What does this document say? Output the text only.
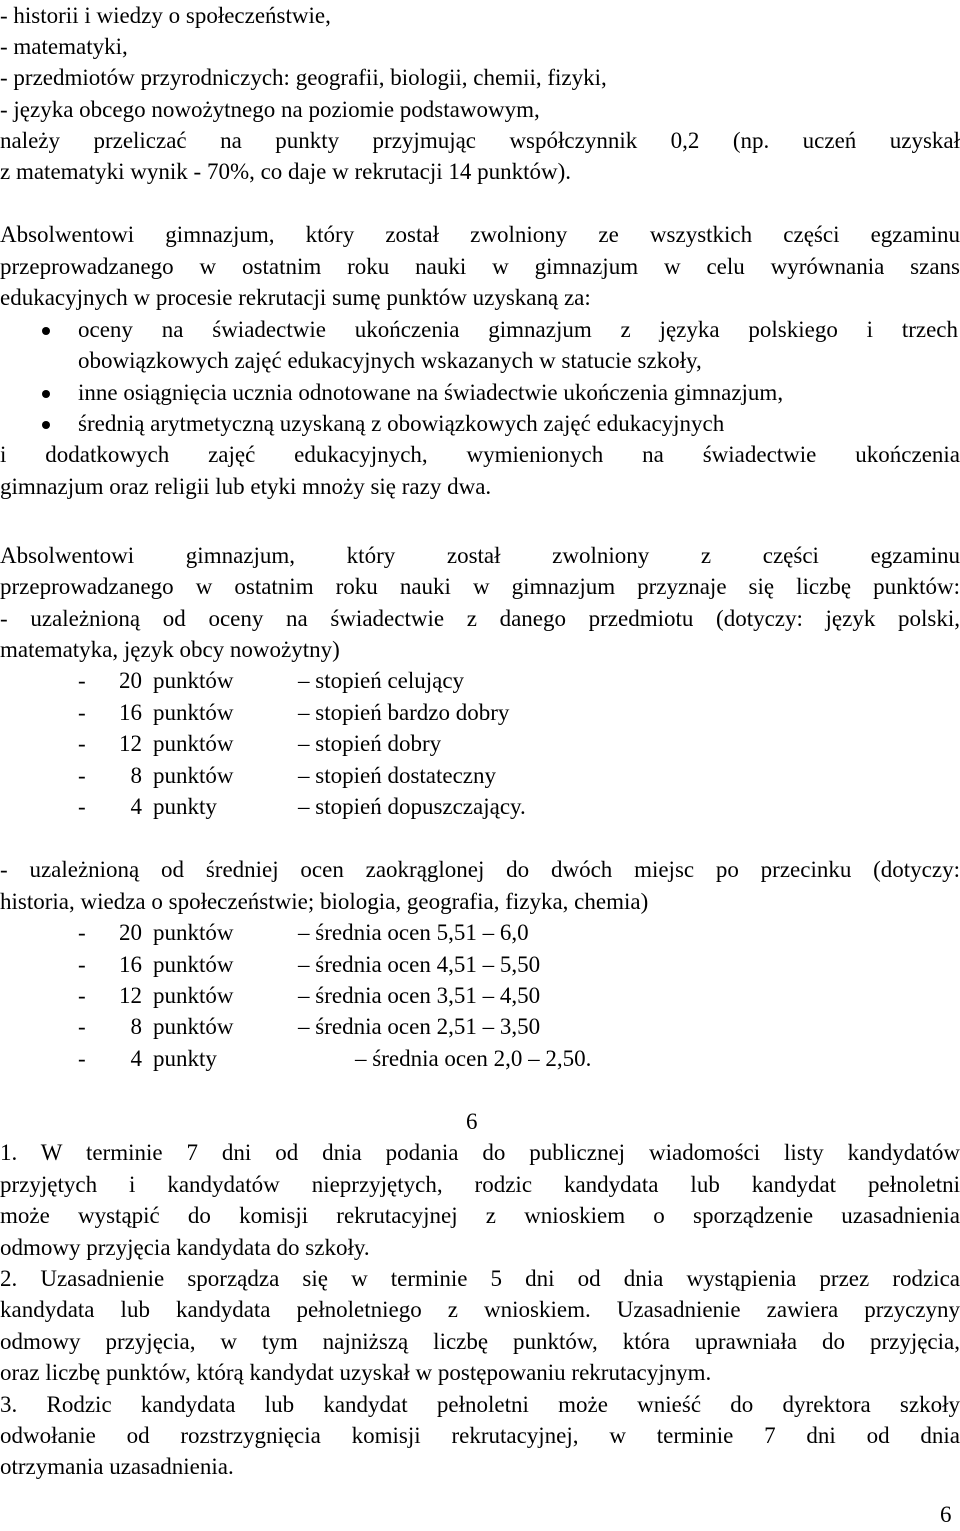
- historii i wiedzy o społeczeństwie,
- matematyki,
- przedmiotów przyrodniczych: geografii, biologii, chemii, fizyki,
- języka obcego nowożytnego na poziomie podstawowym,
należy przeliczać na punkty przyjmując współczynnik 0,2 (np. uczeń uzyskał
z matematyki wynik - 70%, co daje w rekrutacji 14 punktów).
Absolwentowi gimnazjum, który został zwolniony ze wszystkich części egzaminu
przeprowadzanego w ostatnim roku nauki w gimnazjum w celu wyrównania szans
edukacyjnych w procesie rekrutacji sumę punktów uzyskaną za:
oceny na świadectwie ukończenia gimnazjum z języka polskiego i trzech
obowiązkowych zajęć edukacyjnych wskazanych w statucie szkoły,
inne osiągnięcia ucznia odnotowane na świadectwie ukończenia gimnazjum,
średnią arytmetyczną uzyskaną z obowiązkowych zajęć edukacyjnych
i dodatkowych zajęć edukacyjnych, wymienionych na świadectwie ukończenia
gimnazjum oraz religii lub etyki mnoży się razy dwa.
Absolwentowi gimnazjum, który został zwolniony z części egzaminu
przeprowadzanego w ostatnim roku nauki w gimnazjum przyznaje się liczbę punktów:
- uzależnioną od oceny na świadectwie z danego przedmiotu (dotyczy: język polski,
matematyka, język obcy nowożytny)
- 20 punktów	– stopień celujący
- 16 punktów	– stopień bardzo dobry
- 12 punktów	– stopień dobry
- 8 punktów	– stopień dostateczny
- 4 punkty	– stopień dopuszczający.
- uzależnioną od średniej ocen zaokrąglonej do dwóch miejsc po przecinku (dotyczy:
historia, wiedza o społeczeństwie; biologia, geografia, fizyka, chemia)
- 20 punktów	– średnia ocen 5,51 – 6,0
- 16 punktów	– średnia ocen 4,51 – 5,50
- 12 punktów	– średnia ocen 3,51 – 4,50
- 8 punktów	– średnia ocen 2,51 – 3,50
- 4 punkty	– średnia ocen 2,0 – 2,50.
6
1. W terminie 7 dni od dnia podania do publicznej wiadomości listy kandydatów
przyjętych i kandydatów nieprzyjętych, rodzic kandydata lub kandydat pełnoletni
może wystąpić do komisji rekrutacyjnej z wnioskiem o sporządzenie uzasadnienia
odmowy przyjęcia kandydata do szkoły.
2. Uzasadnienie sporządza się w terminie 5 dni od dnia wystąpienia przez rodzica
kandydata lub kandydata pełnoletniego z wnioskiem. Uzasadnienie zawiera przyczyny
odmowy przyjęcia, w tym najniższą liczbę punktów, która uprawniała do przyjęcia,
oraz liczbę punktów, którą kandydat uzyskał w postępowaniu rekrutacyjnym.
3. Rodzic kandydata lub kandydat pełnoletni może wnieść do dyrektora szkoły
odwołanie od rozstrzygnięcia komisji rekrutacyjnej, w terminie 7 dni od dnia
otrzymania uzasadnienia.
6
